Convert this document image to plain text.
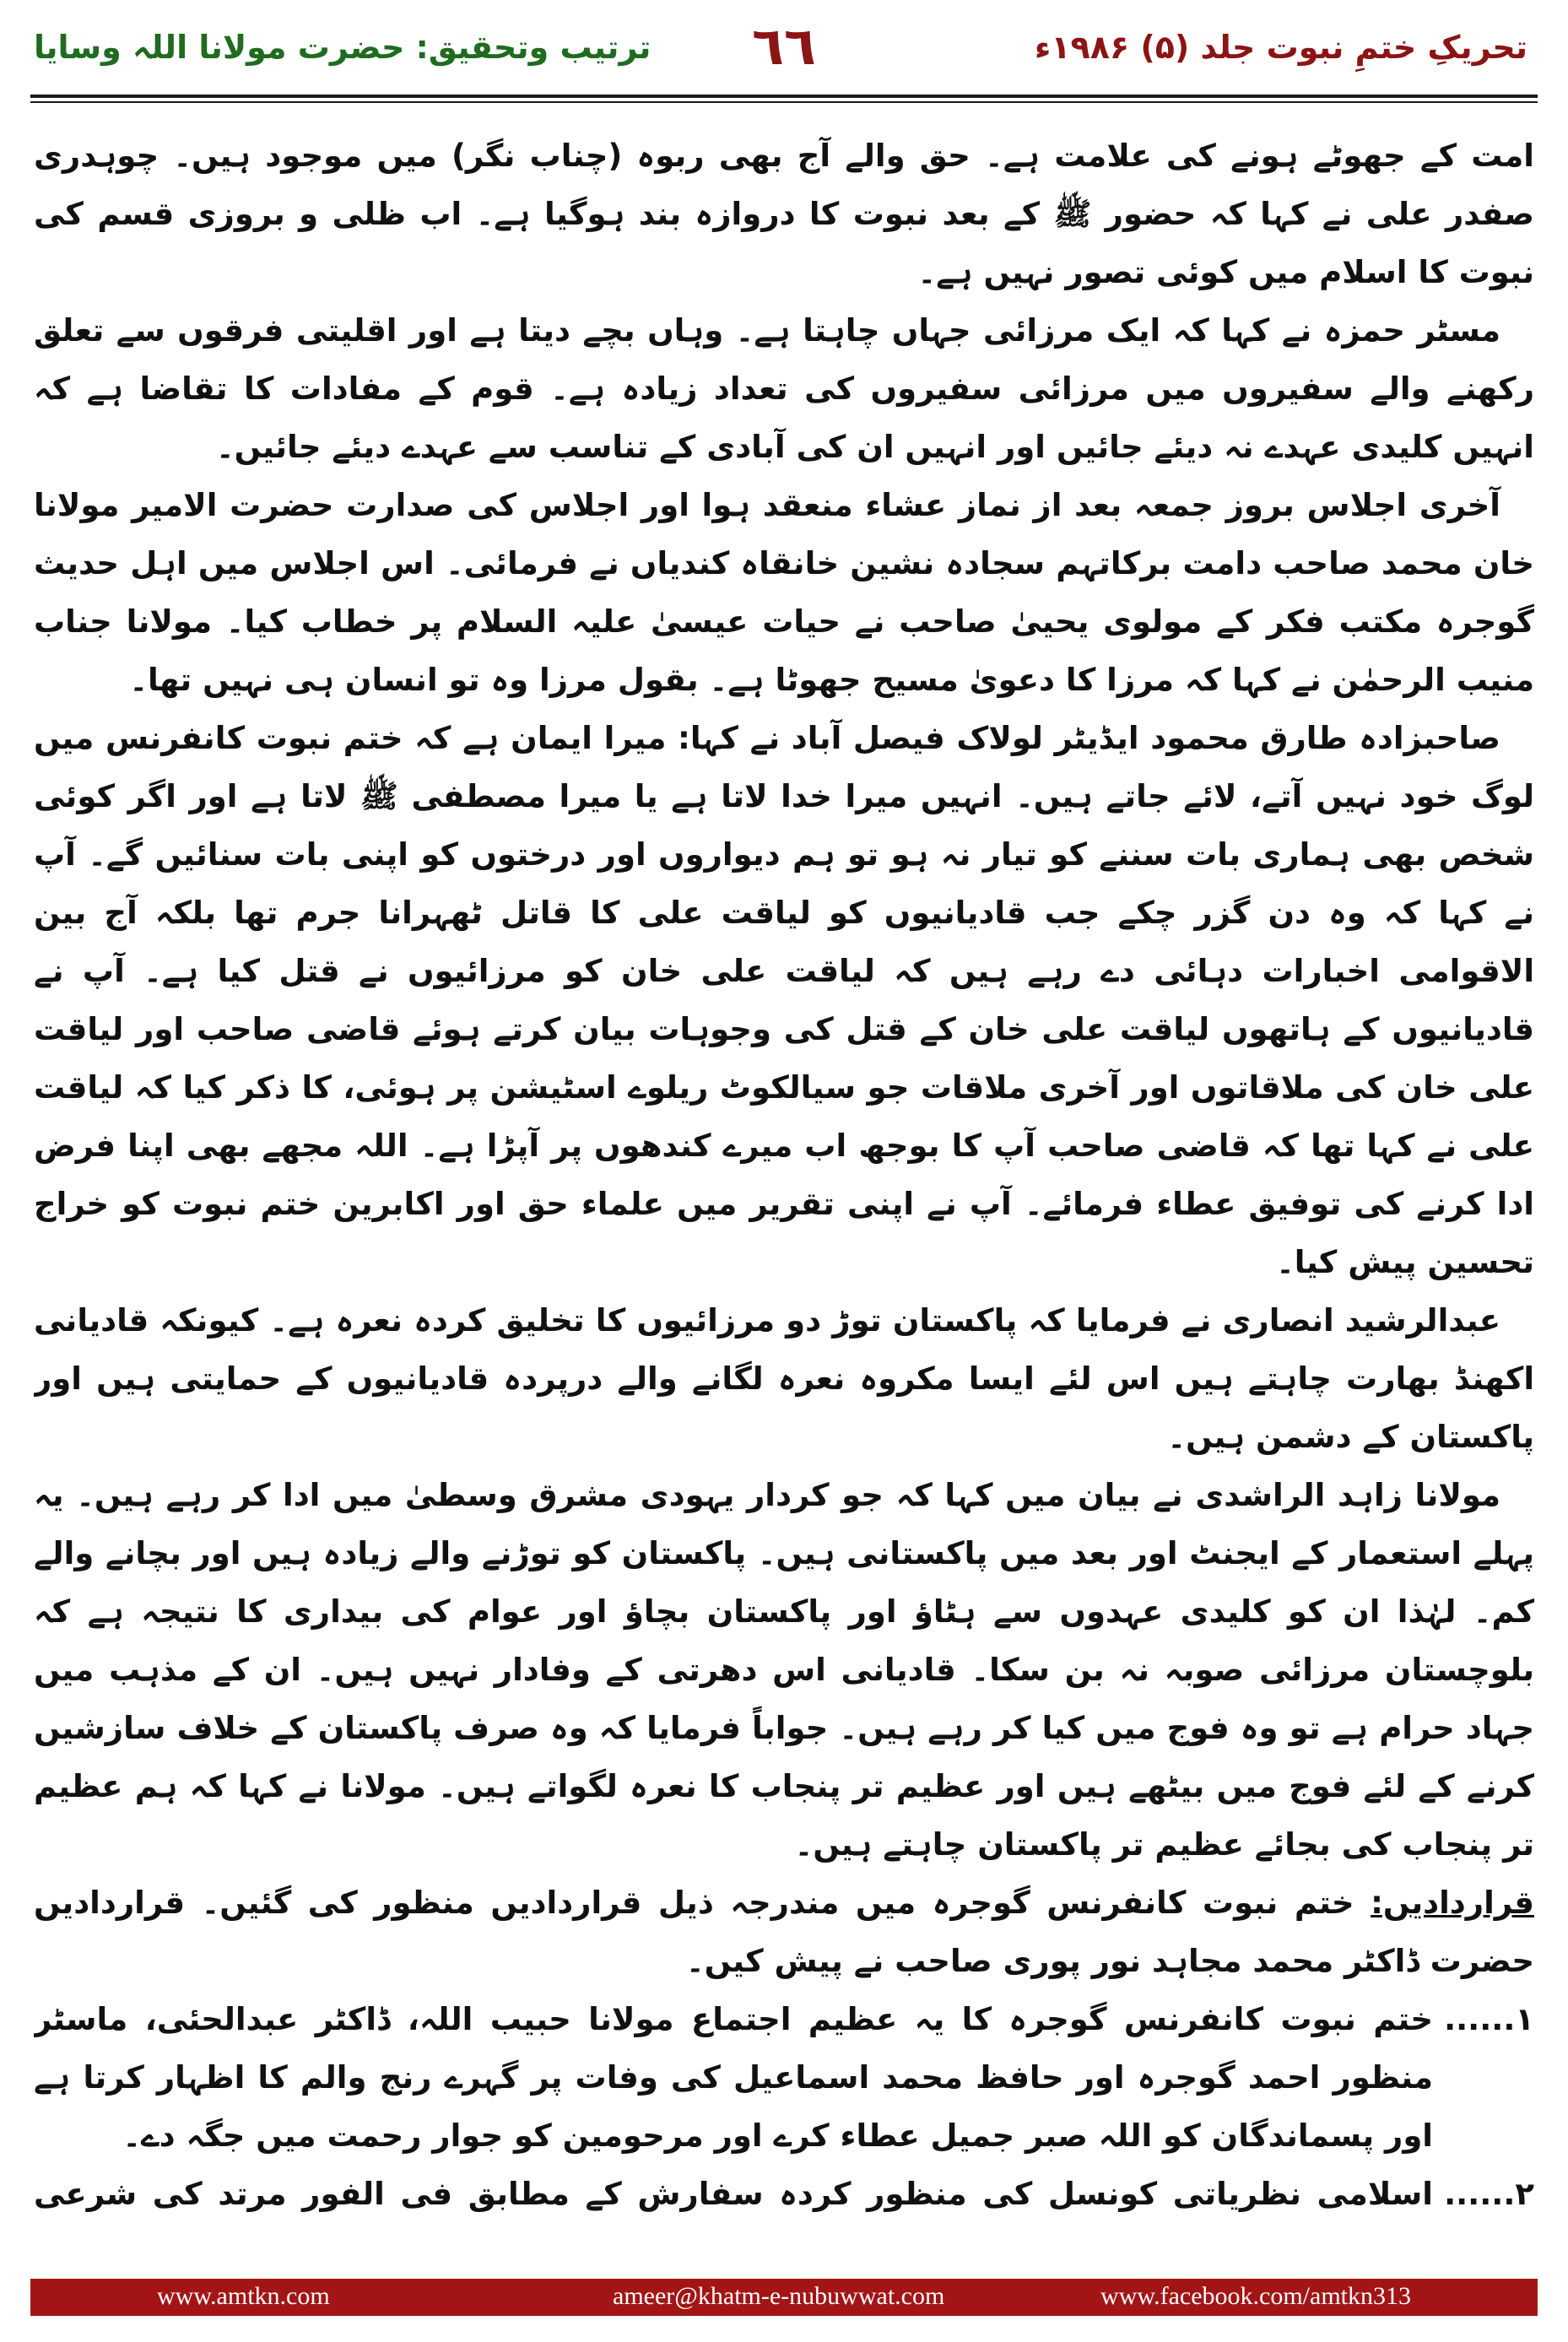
تحریکِ ختمِ نبوت جلد (۵) ۱۹۸۶ء
٦٦
ترتیب وتحقیق: حضرت مولانا اللہ وسایا

امت کے جھوٹے ہونے کی علامت ہے۔ حق والے آج بھی ربوہ (چناب نگر) میں موجود ہیں۔ چوہدری صفدر علی نے کہا کہ حضور ﷺ کے بعد نبوت کا دروازہ بند ہوگیا ہے۔ اب ظلی و بروزی قسم کی نبوت کا اسلام میں کوئی تصور نہیں ہے۔

مسٹر حمزہ نے کہا کہ ایک مرزائی جہاں چاہتا ہے۔ وہاں بچے دیتا ہے اور اقلیتی فرقوں سے تعلق رکھنے والے سفیروں میں مرزائی سفیروں کی تعداد زیادہ ہے۔ قوم کے مفادات کا تقاضا ہے کہ انہیں کلیدی عہدے نہ دیئے جائیں اور انہیں ان کی آبادی کے تناسب سے عہدے دیئے جائیں۔

آخری اجلاس بروز جمعہ بعد از نماز عشاء منعقد ہوا اور اجلاس کی صدارت حضرت الامیر مولانا خان محمد صاحب دامت برکاتہم سجادہ نشین خانقاہ کندیاں نے فرمائی۔ اس اجلاس میں اہل حدیث گوجرہ مکتب فکر کے مولوی یحییٰ صاحب نے حیات عیسیٰ علیہ السلام پر خطاب کیا۔ مولانا جناب منیب الرحمٰن نے کہا کہ مرزا کا دعویٰ مسیح جھوٹا ہے۔ بقول مرزا وہ تو انسان ہی نہیں تھا۔

صاحبزادہ طارق محمود ایڈیٹر لولاک فیصل آباد نے کہا: میرا ایمان ہے کہ ختم نبوت کانفرنس میں لوگ خود نہیں آتے، لائے جاتے ہیں۔ انہیں میرا خدا لاتا ہے یا میرا مصطفی ﷺ لاتا ہے اور اگر کوئی شخص بھی ہماری بات سننے کو تیار نہ ہو تو ہم دیواروں اور درختوں کو اپنی بات سنائیں گے۔ آپ نے کہا کہ وہ دن گزر چکے جب قادیانیوں کو لیاقت علی کا قاتل ٹھہرانا جرم تھا بلکہ آج بین الاقوامی اخبارات دہائی دے رہے ہیں کہ لیاقت علی خان کو مرزائیوں نے قتل کیا ہے۔ آپ نے قادیانیوں کے ہاتھوں لیاقت علی خان کے قتل کی وجوہات بیان کرتے ہوئے قاضی صاحب اور لیاقت علی خان کی ملاقاتوں اور آخری ملاقات جو سیالکوٹ ریلوے اسٹیشن پر ہوئی، کا ذکر کیا کہ لیاقت علی نے کہا تھا کہ قاضی صاحب آپ کا بوجھ اب میرے کندھوں پر آپڑا ہے۔ اللہ مجھے بھی اپنا فرض ادا کرنے کی توفیق عطاء فرمائے۔ آپ نے اپنی تقریر میں علماء حق اور اکابرین ختم نبوت کو خراج تحسین پیش کیا۔

عبدالرشید انصاری نے فرمایا کہ پاکستان توڑ دو مرزائیوں کا تخلیق کردہ نعرہ ہے۔ کیونکہ قادیانی اکھنڈ بھارت چاہتے ہیں اس لئے ایسا مکروہ نعرہ لگانے والے درپردہ قادیانیوں کے حمایتی ہیں اور پاکستان کے دشمن ہیں۔

مولانا زاہد الراشدی نے بیان میں کہا کہ جو کردار یہودی مشرق وسطیٰ میں ادا کر رہے ہیں۔ یہ پہلے استعمار کے ایجنٹ اور بعد میں پاکستانی ہیں۔ پاکستان کو توڑنے والے زیادہ ہیں اور بچانے والے کم۔ لہٰذا ان کو کلیدی عہدوں سے ہٹاؤ اور پاکستان بچاؤ اور عوام کی بیداری کا نتیجہ ہے کہ بلوچستان مرزائی صوبہ نہ بن سکا۔ قادیانی اس دھرتی کے وفادار نہیں ہیں۔ ان کے مذہب میں جہاد حرام ہے تو وہ فوج میں کیا کر رہے ہیں۔ جواباً فرمایا کہ وہ صرف پاکستان کے خلاف سازشیں کرنے کے لئے فوج میں بیٹھے ہیں اور عظیم تر پنجاب کا نعرہ لگواتے ہیں۔ مولانا نے کہا کہ ہم عظیم تر پنجاب کی بجائے عظیم تر پاکستان چاہتے ہیں۔

قراردادیں: ختم نبوت کانفرنس گوجرہ میں مندرجہ ذیل قراردادیں منظور کی گئیں۔ قراردادیں حضرت ڈاکٹر محمد مجاہد نور پوری صاحب نے پیش کیں۔

۱......
ختم نبوت کانفرنس گوجرہ کا یہ عظیم اجتماع مولانا حبیب اللہ، ڈاکٹر عبدالحئی، ماسٹر منظور احمد گوجرہ اور حافظ محمد اسماعیل کی وفات پر گہرے رنج والم کا اظہار کرتا ہے اور پسماندگان کو اللہ صبر جمیل عطاء کرے اور مرحومین کو جوار رحمت میں جگہ دے۔
۲......
اسلامی نظریاتی کونسل کی منظور کردہ سفارش کے مطابق فی الفور مرتد کی شرعی
www.amtkn.com	ameer@khatm-e-nubuwwat.com	www.facebook.com/amtkn313
